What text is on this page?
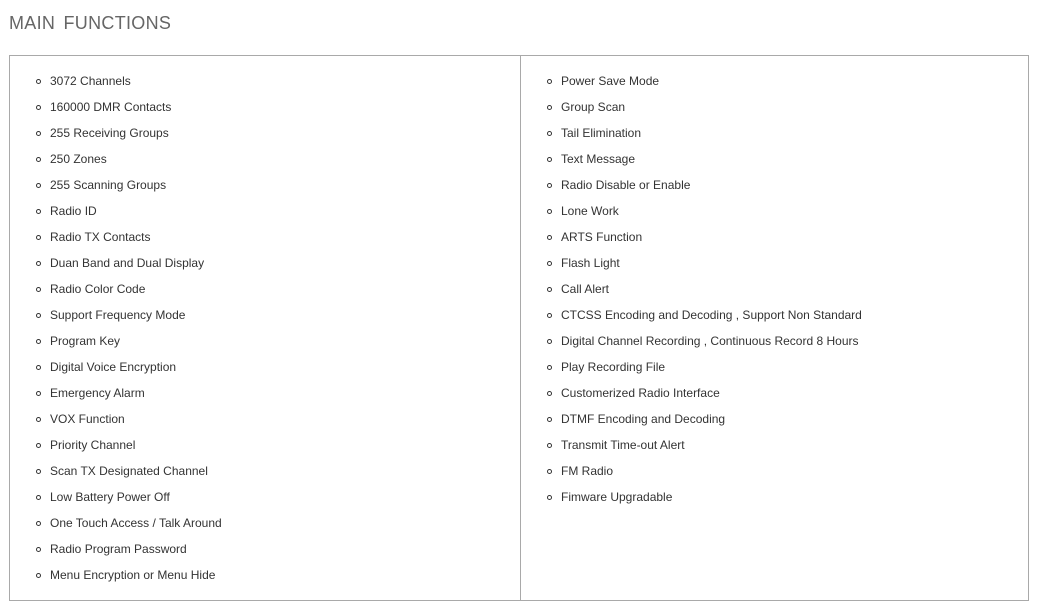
MAIN FUNCTIONS
3072 Channels
160000 DMR Contacts
255 Receiving Groups
250 Zones
255 Scanning Groups
Radio ID
Radio TX Contacts
Duan Band and Dual Display
Radio Color Code
Support Frequency Mode
Program Key
Digital Voice Encryption
Emergency Alarm
VOX Function
Priority Channel
Scan TX Designated Channel
Low Battery Power Off
One Touch Access / Talk Around
Radio Program Password
Menu Encryption or Menu Hide
Power Save Mode
Group Scan
Tail Elimination
Text Message
Radio Disable or Enable
Lone Work
ARTS Function
Flash Light
Call Alert
CTCSS Encoding and Decoding , Support Non Standard
Digital Channel Recording , Continuous Record 8 Hours
Play Recording File
Customerized Radio Interface
DTMF Encoding and Decoding
Transmit Time-out Alert
FM Radio
Fimware Upgradable
